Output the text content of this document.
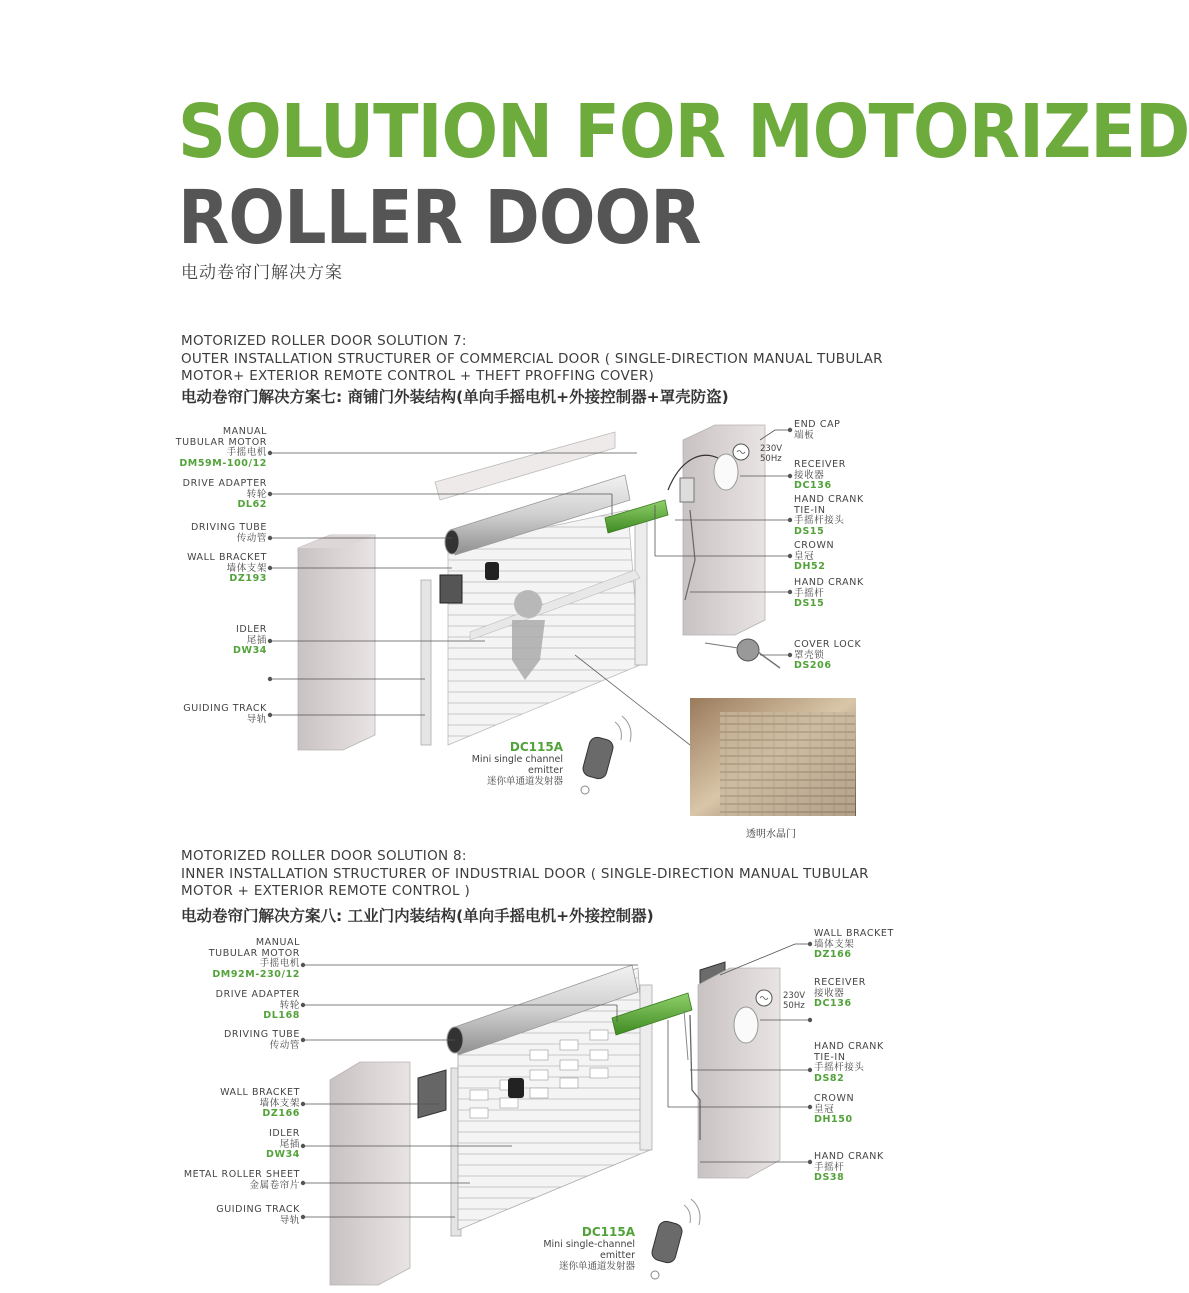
SOLUTION FOR MOTORIZED
ROLLER DOOR
电动卷帘门解决方案
MOTORIZED ROLLER DOOR SOLUTION 7:
OUTER INSTALLATION STRUCTURER OF COMMERCIAL DOOR ( SINGLE-DIRECTION MANUAL TUBULAR
MOTOR+ EXTERIOR REMOTE CONTROL + THEFT PROFFING COVER)
电动卷帘门解决方案七: 商铺门外装结构(单向手摇电机+外接控制器+罩壳防盗)
MANUAL
TUBULAR MOTOR
手摇电机
DM59M-100/12
DRIVE ADAPTER
转轮
DL62
DRIVING TUBE
传动管
WALL BRACKET
墙体支架
DZ193
IDLER
尾插
DW34
GUIDING TRACK
导轨
END CAP
端板
RECEIVER
接收器
DC136
HAND CRANK
TIE-IN
手摇杆接头
DS15
CROWN
皇冠
DH52
HAND CRANK
手摇杆
DS15
COVER LOCK
罩壳锁
DS206
230V
50Hz
DC115A
Mini single channel
emitter
迷你单通道发射器
透明水晶门
MOTORIZED ROLLER DOOR SOLUTION 8:
INNER INSTALLATION STRUCTURER OF INDUSTRIAL DOOR ( SINGLE-DIRECTION MANUAL TUBULAR
MOTOR + EXTERIOR REMOTE CONTROL )
电动卷帘门解决方案八: 工业门内装结构(单向手摇电机+外接控制器)
MANUAL
TUBULAR MOTOR
手摇电机
DM92M-230/12
DRIVE ADAPTER
转轮
DL168
DRIVING TUBE
传动管
WALL BRACKET
墙体支架
DZ166
IDLER
尾插
DW34
METAL ROLLER SHEET
金属卷帘片
GUIDING TRACK
导轨
WALL BRACKET
墙体支架
DZ166
RECEIVER
接收器
DC136
HAND CRANK
TIE-IN
手摇杆接头
DS82
CROWN
皇冠
DH150
HAND CRANK
手摇杆
DS38
230V
50Hz
DC115A
Mini single-channel
emitter
迷你单通道发射器
